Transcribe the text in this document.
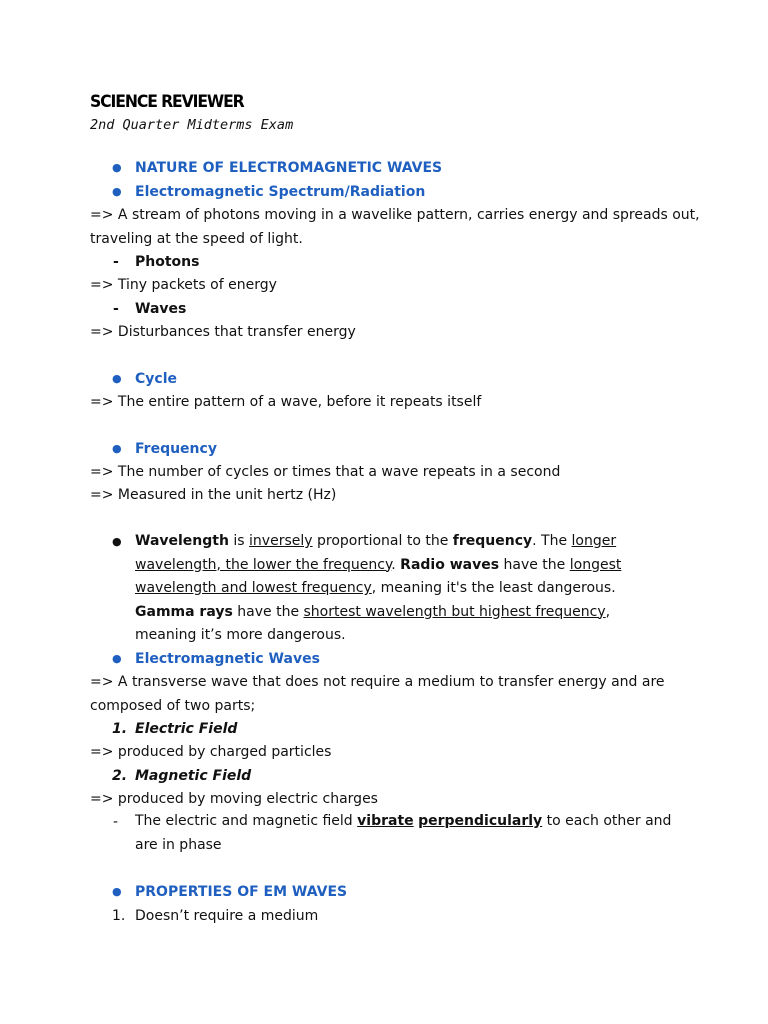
SCIENCE REVIEWER
2nd Quarter Midterms Exam
● NATURE OF ELECTROMAGNETIC WAVES
● Electromagnetic Spectrum/Radiation
=> A stream of photons moving in a wavelike pattern, carries energy and spreads out,
traveling at the speed of light.
- Photons
=> Tiny packets of energy
- Waves
=> Disturbances that transfer energy
● Cycle
=> The entire pattern of a wave, before it repeats itself
● Frequency
=> The number of cycles or times that a wave repeats in a second
=> Measured in the unit hertz (Hz)
● Wavelength is inversely proportional to the frequency. The longer wavelength, the lower the frequency. Radio waves have the longest wavelength and lowest frequency, meaning it's the least dangerous. Gamma rays have the shortest wavelength but highest frequency, meaning it’s more dangerous.
● Electromagnetic Waves
=> A transverse wave that does not require a medium to transfer energy and are
composed of two parts;
1. Electric Field
=> produced by charged particles
2. Magnetic Field
=> produced by moving electric charges
- The electric and magnetic field vibrate perpendicularly to each other and are in phase
● PROPERTIES OF EM WAVES
1. Doesn’t require a medium
